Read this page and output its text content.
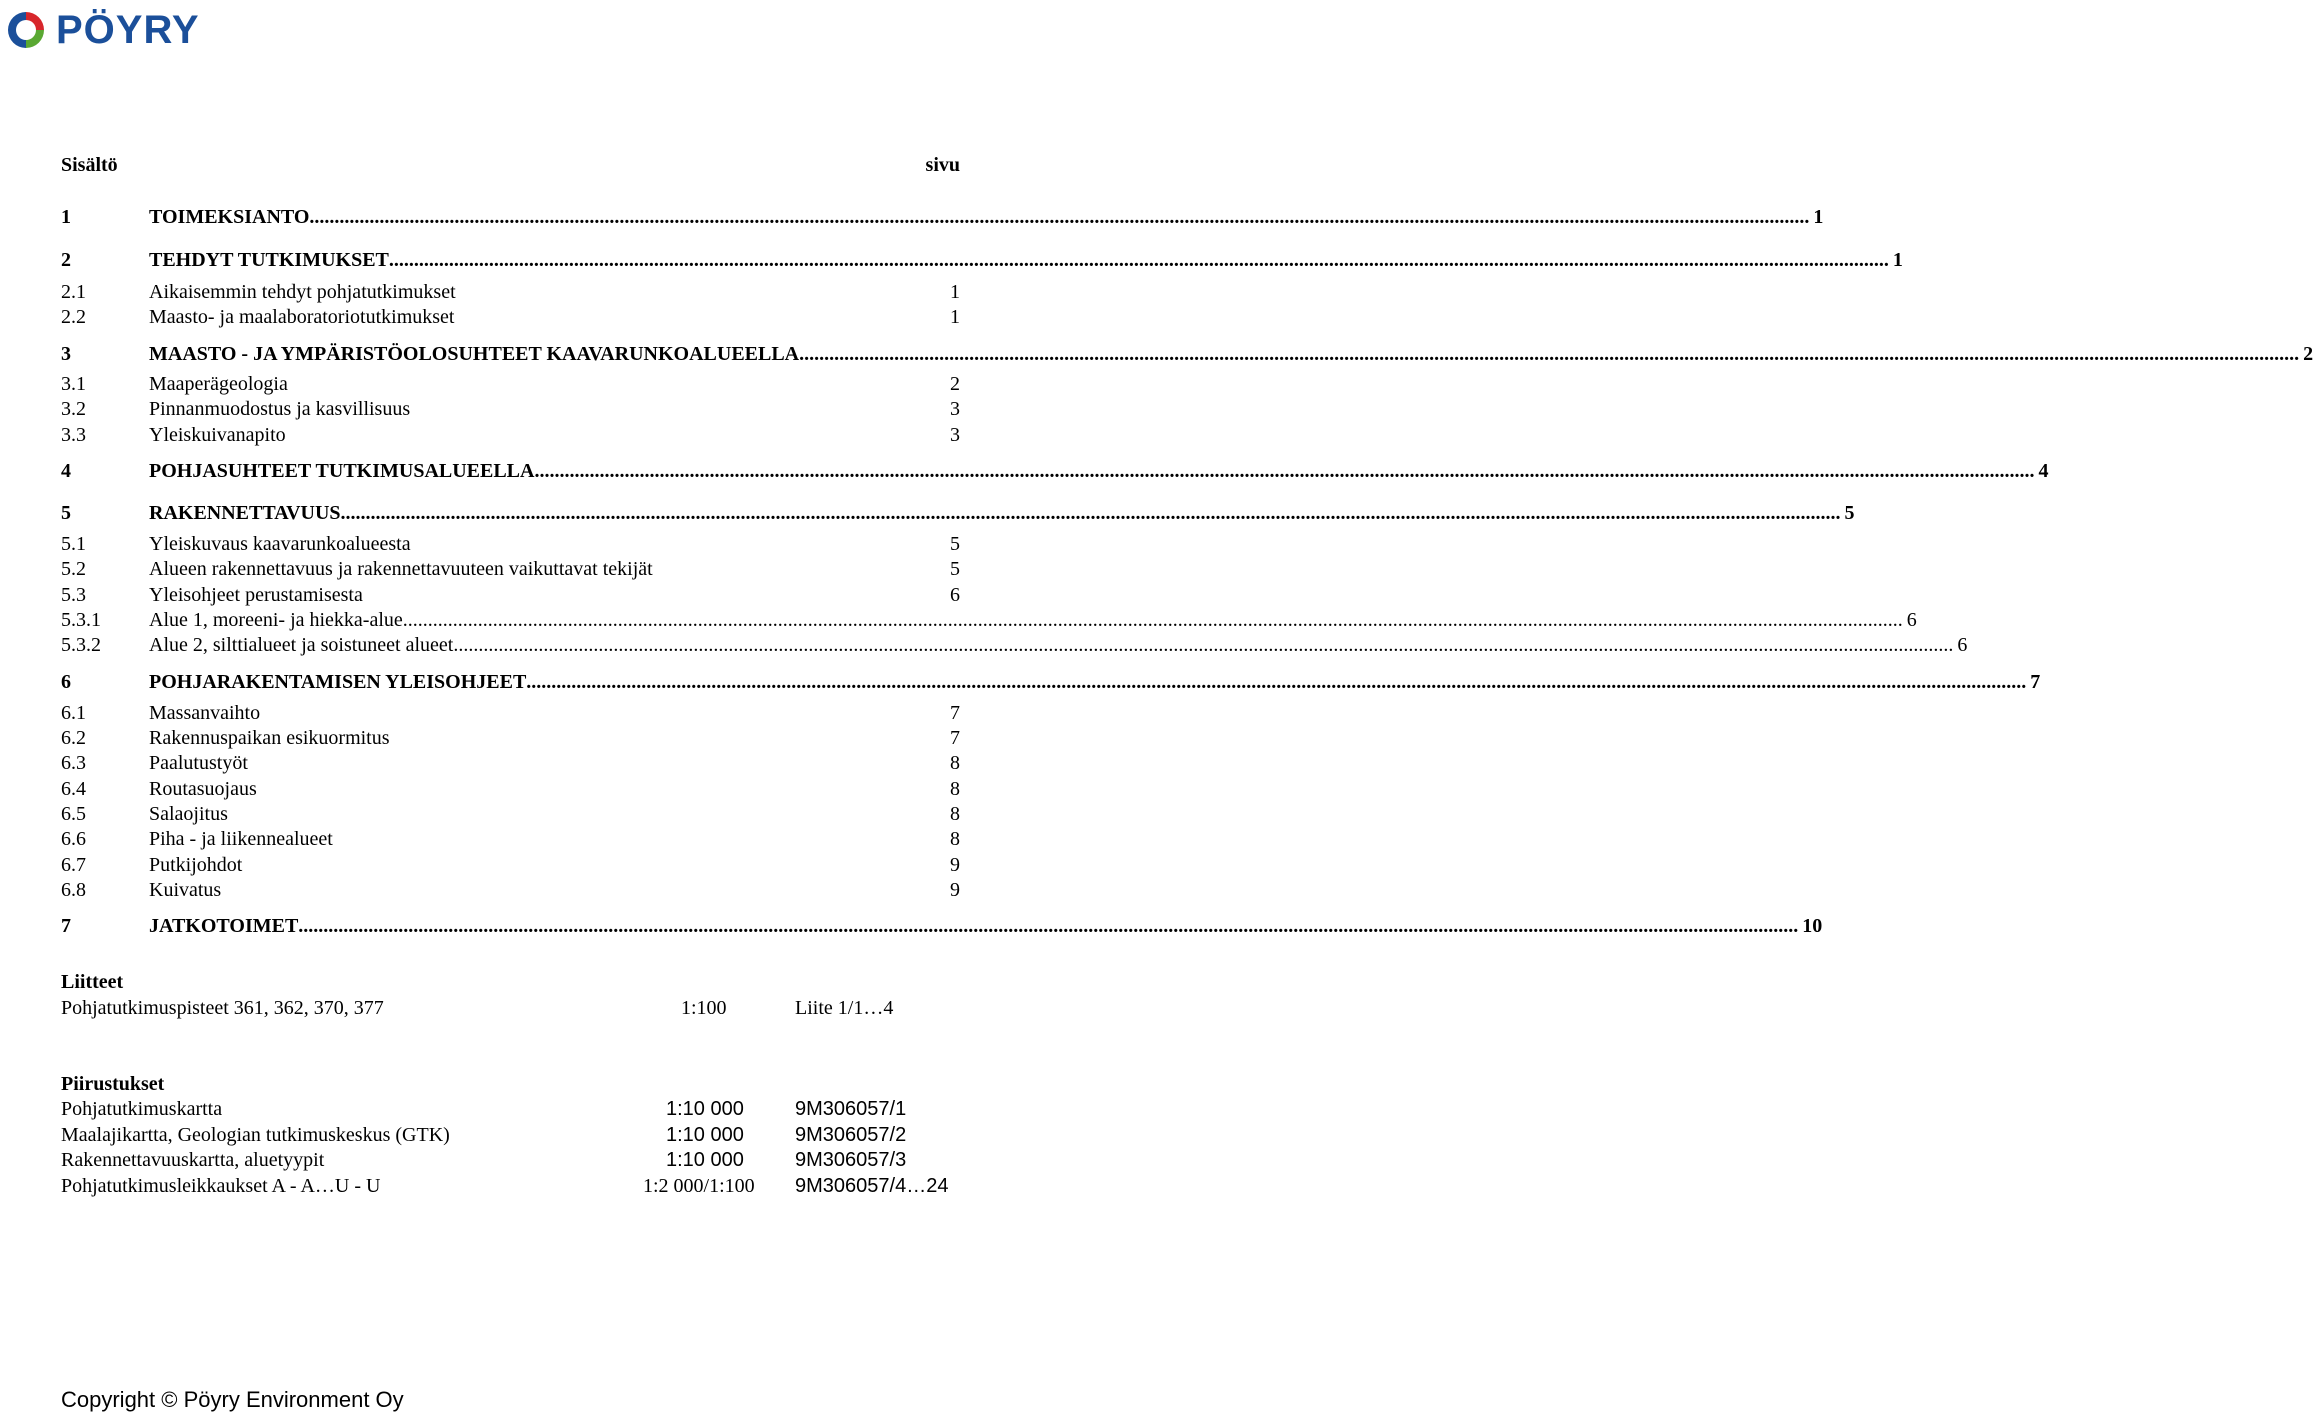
PÖYRY
Sisältö	sivu
1	TOIMEKSIANTO ............................................................................................................................................................................................................................................................................................................ 1
2	TEHDYT TUTKIMUKSET ............................................................................................................................................................................................................................................................................................................ 1
2.1	Aikaisemmin tehdyt pohjatutkimukset	1
2.2	Maasto- ja maalaboratoriotutkimukset	1
3	MAASTO - JA YMPÄRISTÖOLOSUHTEET KAAVARUNKOALUEELLA ............................................................................................................................................................................................................................................................................................................ 2
3.1	Maaperägeologia	2
3.2	Pinnanmuodostus ja kasvillisuus	3
3.3	Yleiskuivanapito	3
4	POHJASUHTEET TUTKIMUSALUEELLA ............................................................................................................................................................................................................................................................................................................ 4
5	RAKENNETTAVUUS ............................................................................................................................................................................................................................................................................................................ 5
5.1	Yleiskuvaus kaavarunkoalueesta	5
5.2	Alueen rakennettavuus ja rakennettavuuteen vaikuttavat tekijät	5
5.3	Yleisohjeet perustamisesta	6
5.3.1 Alue 1, moreeni- ja hiekka-alue ............................................................................................................................................................................................................................................................................................................ 6
5.3.2 Alue 2, silttialueet ja soistuneet alueet ............................................................................................................................................................................................................................................................................................................ 6
6	POHJARAKENTAMISEN YLEISOHJEET ............................................................................................................................................................................................................................................................................................................ 7
6.1	Massanvaihto	7
6.2	Rakennuspaikan esikuormitus	7
6.3	Paalutustyöt	8
6.4	Routasuojaus	8
6.5	Salaojitus	8
6.6	Piha - ja liikennealueet	8
6.7	Putkijohdot	9
6.8	Kuivatus	9
7	JATKOTOIMET ............................................................................................................................................................................................................................................................................................................ 10
Liitteet
Pohjatutkimuspisteet 361, 362, 370, 377	1:100	Liite 1/1…4
Piirustukset
Pohjatutkimuskartta	1:10 000	9M306057/1
Maalajikartta, Geologian tutkimuskeskus (GTK)	1:10 000	9M306057/2
Rakennettavuuskartta, aluetyypit	1:10 000	9M306057/3
Pohjatutkimusleikkaukset A - A…U - U	1:2 000/1:100 9M306057/4…24
Copyright © Pöyry Environment Oy
